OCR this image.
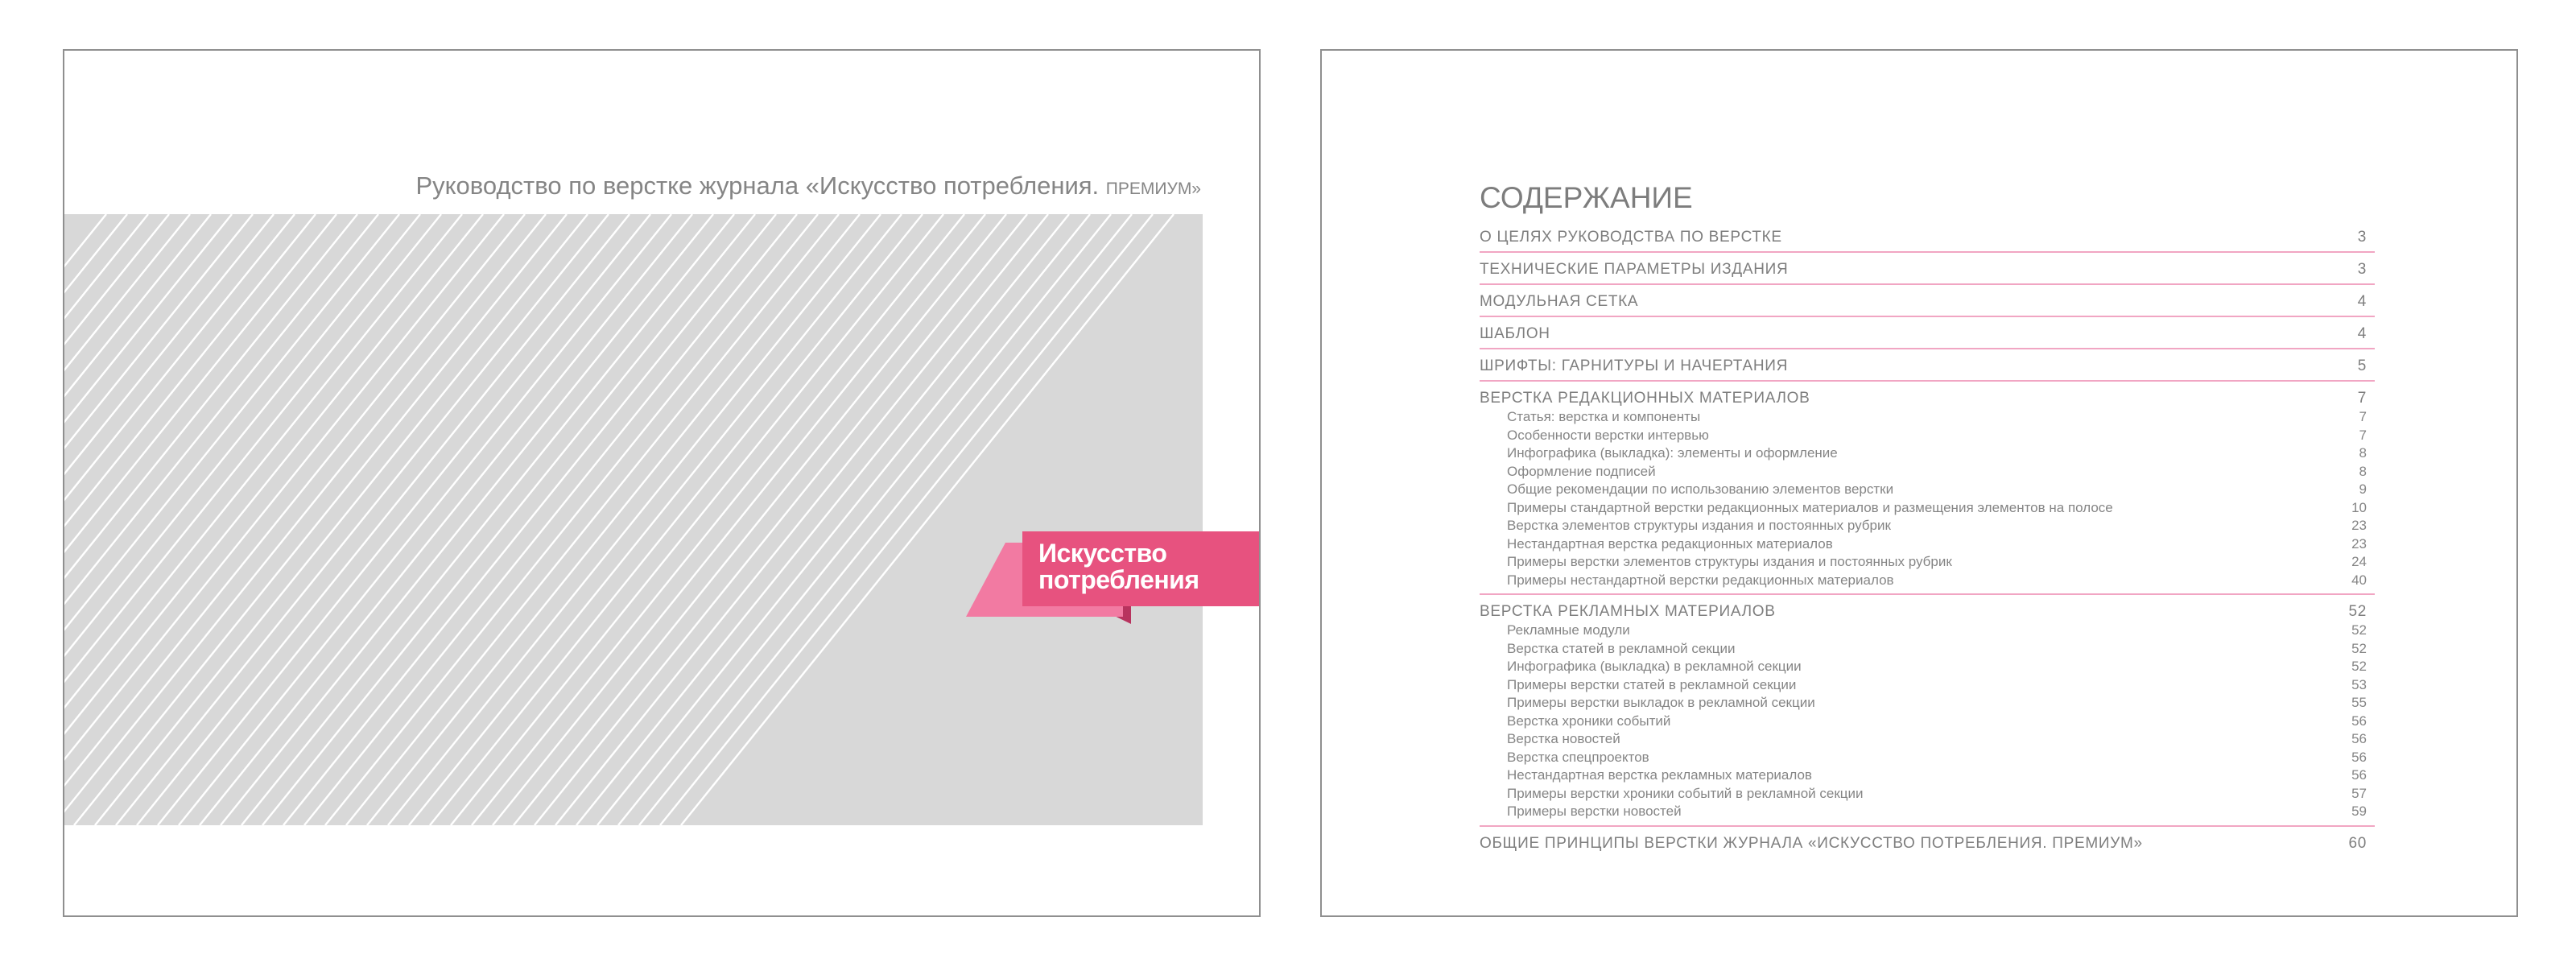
Искусство
потребления
Руководство по верстке журнала «Искусство потребления. ПРЕМИУМ»	СОДЕРЖАНИЕ
О ЦЕЛЯХ РУКОВОДСТВА ПО ВЕРСТКЕ	3
ТЕХНИЧЕСКИЕ ПАРАМЕТРЫ ИЗДАНИЯ	3
МОДУЛЬНАЯ СЕТКА	4
ШАБЛОН	4
ШРИФТЫ: ГАРНИТУРЫ И НАЧЕРТАНИЯ	5
ВЕРСТКА РЕДАКЦИОННЫХ МАТЕРИАЛОВ	7
Статья: верстка и компоненты	7
Особенности верстки интервью	7
Инфографика (выкладка): элементы и оформление	8
Оформление подписей	8
Общие рекомендации по использованию элементов верстки	9
Примеры стандартной верстки редакционных материалов и размещения элементов на полосе	10
Верстка элементов структуры издания и постоянных рубрик	23
Нестандартная верстка редакционных материалов	23
Примеры верстки элементов структуры издания и постоянных рубрик	24
Примеры нестандартной верстки редакционных материалов	40
ВЕРСТКА РЕКЛАМНЫХ МАТЕРИАЛОВ	52
Рекламные модули	52
Верстка статей в рекламной секции	52
Инфографика (выкладка) в рекламной секции	52
Примеры верстки статей в рекламной секции	53
Примеры верстки выкладок в рекламной секции	55
Верстка хроники событий	56
Верстка новостей	56
Верстка спецпроектов	56
Нестандартная верстка рекламных материалов	56
Примеры верстки хроники событий в рекламной секции	57
Примеры верстки новостей	59
ОБЩИЕ ПРИНЦИПЫ ВЕРСТКИ ЖУРНАЛА «ИСКУССТВО ПОТРЕБЛЕНИЯ. ПРЕМИУМ»	60
